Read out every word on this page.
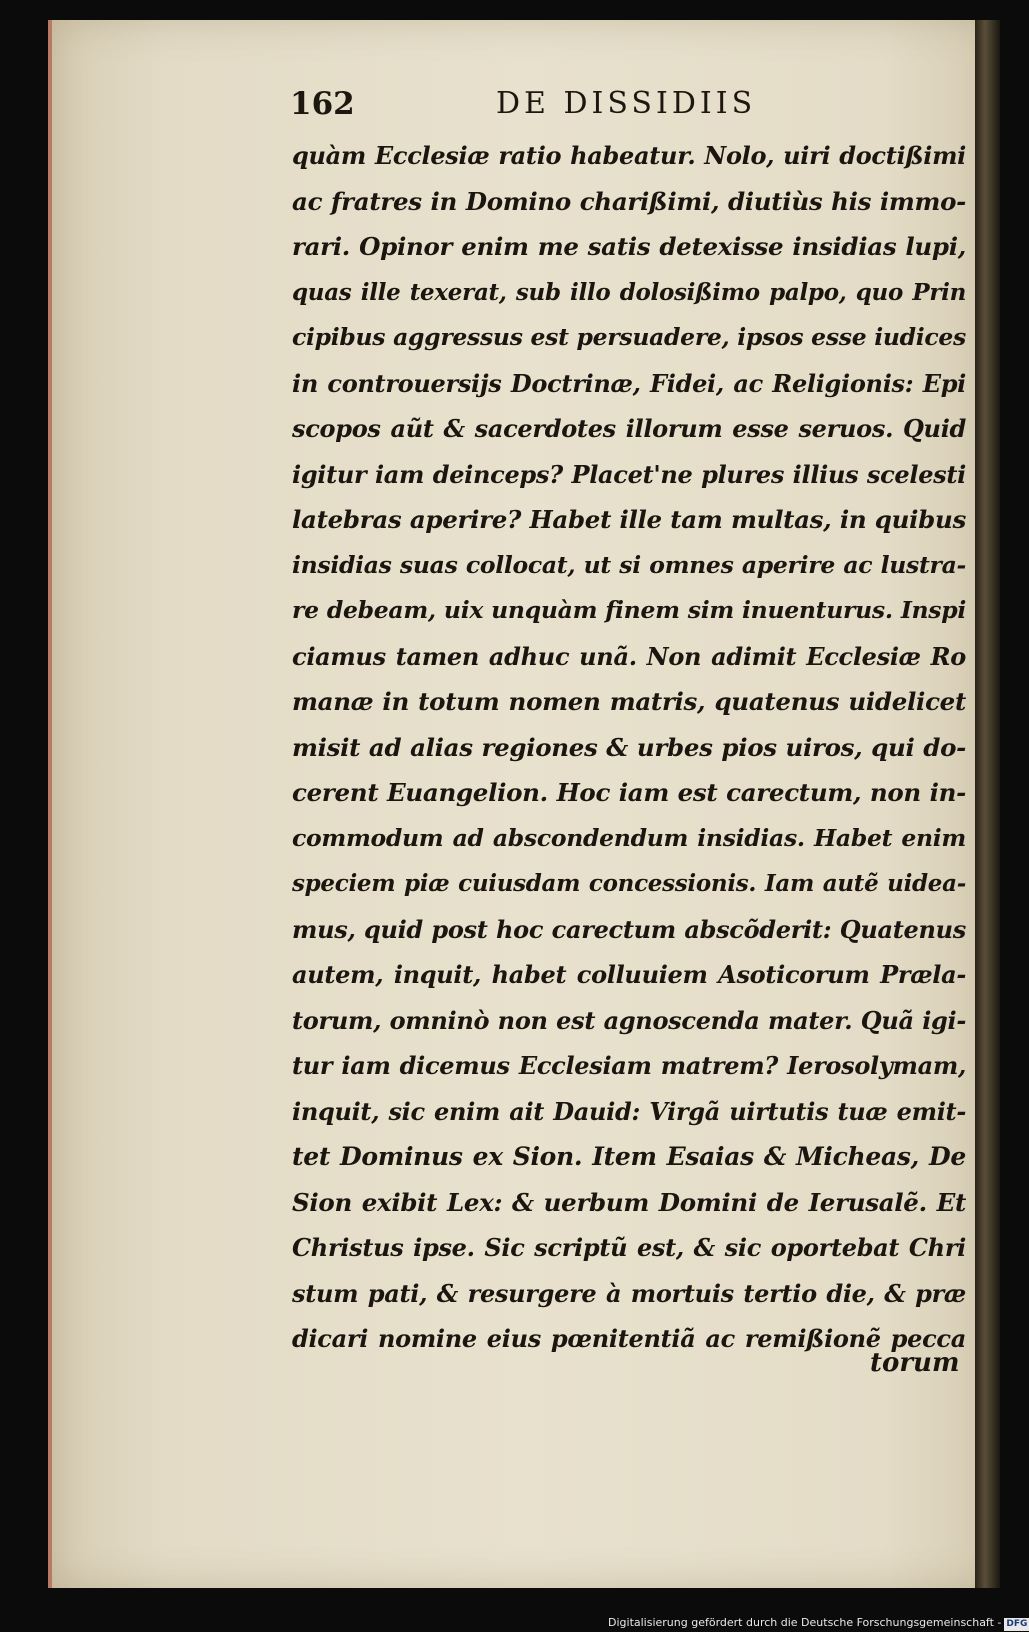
162	DE DISSIDIIS
quàm Ecclesiæ ratio habeatur. Nolo, uiri doctißimi
ac fratres in Domino charißimi, diutiùs his immo-
rari. Opinor enim me satis detexisse insidias lupi,
quas ille texerat, sub illo dolosißimo palpo, quo Prin
cipibus aggressus est persuadere, ipsos esse iudices
in controuersijs Doctrinæ, Fidei, ac Religionis: Epi
scopos aũt & sacerdotes illorum esse seruos. Quid
igitur iam deinceps? Placet'ne plures illius scelesti
latebras aperire? Habet ille tam multas, in quibus
insidias suas collocat, ut si omnes aperire ac lustra-
re debeam, uix unquàm finem sim inuenturus. Inspi
ciamus tamen adhuc unã. Non adimit Ecclesiæ Ro
manæ in totum nomen matris, quatenus uidelicet
misit ad alias regiones & urbes pios uiros, qui do-
cerent Euangelion. Hoc iam est carectum, non in-
commodum ad abscondendum insidias. Habet enim
speciem piæ cuiusdam concessionis. Iam autẽ uidea-
mus, quid post hoc carectum abscõderit: Quatenus
autem, inquit, habet colluuiem Asoticorum Præla-
torum, omninò non est agnoscenda mater. Quã igi-
tur iam dicemus Ecclesiam matrem? Ierosolymam,
inquit, sic enim ait Dauid: Virgã uirtutis tuæ emit-
tet Dominus ex Sion. Item Esaias & Micheas, De
Sion exibit Lex: & uerbum Domini de Ierusalẽ. Et
Christus ipse. Sic scriptũ est, & sic oportebat Chri
stum pati, & resurgere à mortuis tertio die, & præ
dicari nomine eius pœnitentiã ac remißionẽ pecca
torum
Digitalisierung gefördert durch die Deutsche Forschungsgemeinschaft - DFG
